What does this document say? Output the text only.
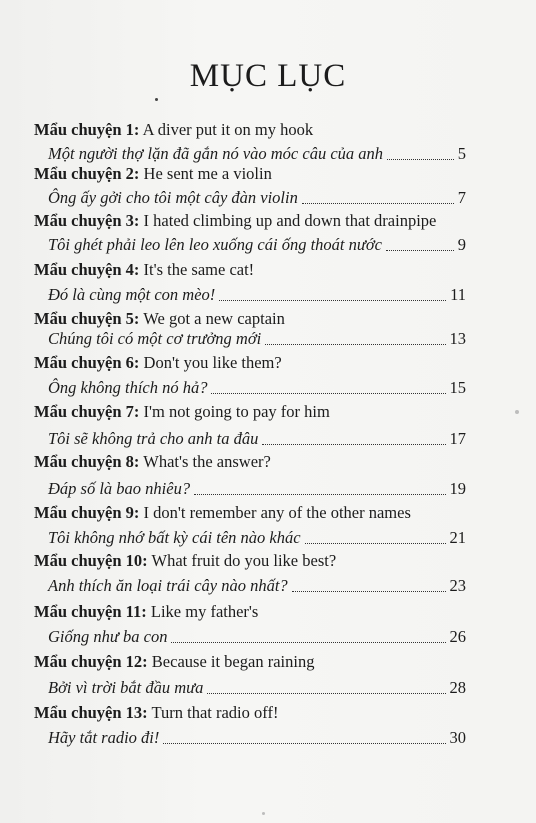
MỤC LỤC
Mẩu chuyện 1: A diver put it on my hook
Một người thợ lặn đã gắn nó vào móc câu của anh	5
Mẩu chuyện 2: He sent me a violin
Ông ấy gởi cho tôi một cây đàn violin	7
Mẩu chuyện 3: I hated climbing up and down that drainpipe
Tôi ghét phải leo lên leo xuống cái ống thoát nước	9
Mẩu chuyện 4: It's the same cat!
Đó là cùng một con mèo!	11
Mẩu chuyện 5: We got a new captain
Chúng tôi có một cơ trưởng mới	13
Mẩu chuyện 6: Don't you like them?
Ông không thích nó hả?	15
Mẩu chuyện 7: I'm not going to pay for him
Tôi sẽ không trả cho anh ta đâu	17
Mẩu chuyện 8: What's the answer?
Đáp số là bao nhiêu?	19
Mẩu chuyện 9: I don't remember any of the other names
Tôi không nhớ bất kỳ cái tên nào khác	21
Mẩu chuyện 10: What fruit do you like best?
Anh thích ăn loại trái cây nào nhất?	23
Mẩu chuyện 11: Like my father's
Giống như ba con	26
Mẩu chuyện 12: Because it began raining
Bởi vì trời bắt đầu mưa	28
Mẩu chuyện 13: Turn that radio off!
Hãy tắt radio đi!	30
